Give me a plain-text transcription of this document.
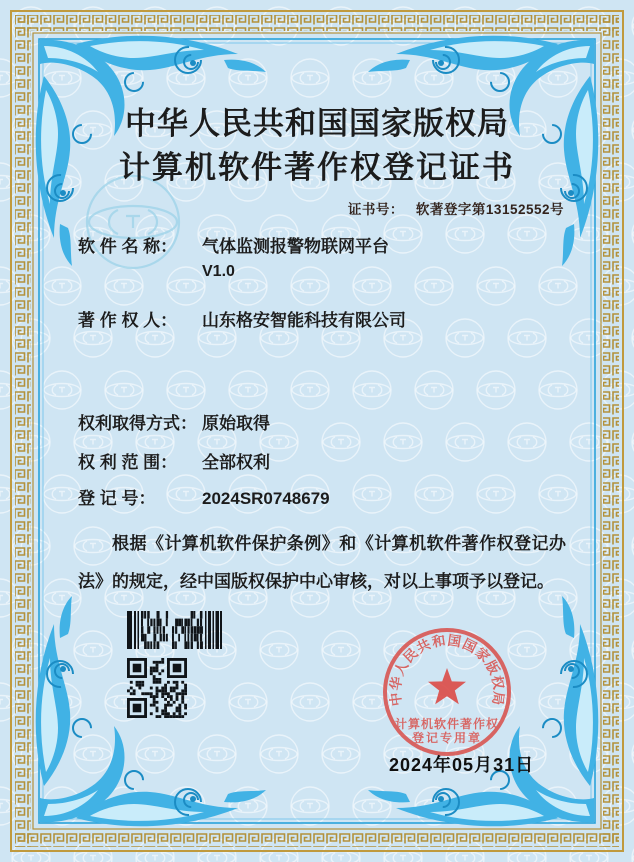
中华人民共和国国家版权局
计算机软件著作权登记证书
证书号： 软著登字第13152552号
软 件 名 称：	气体监测报警物联网平台
V1.0
著 作 权 人：	山东格安智能科技有限公司
权利取得方式： 原始取得
权 利 范 围：	全部权利
登 记 号：	2024SR0748679
根据《计算机软件保护条例》和《计算机软件著作权登记办法》的规定，经中国版权保护中心审核，对以上事项予以登记。
中华人民共和国国家版权局
计算机软件著作权
登记专用章
2024年05月31日
